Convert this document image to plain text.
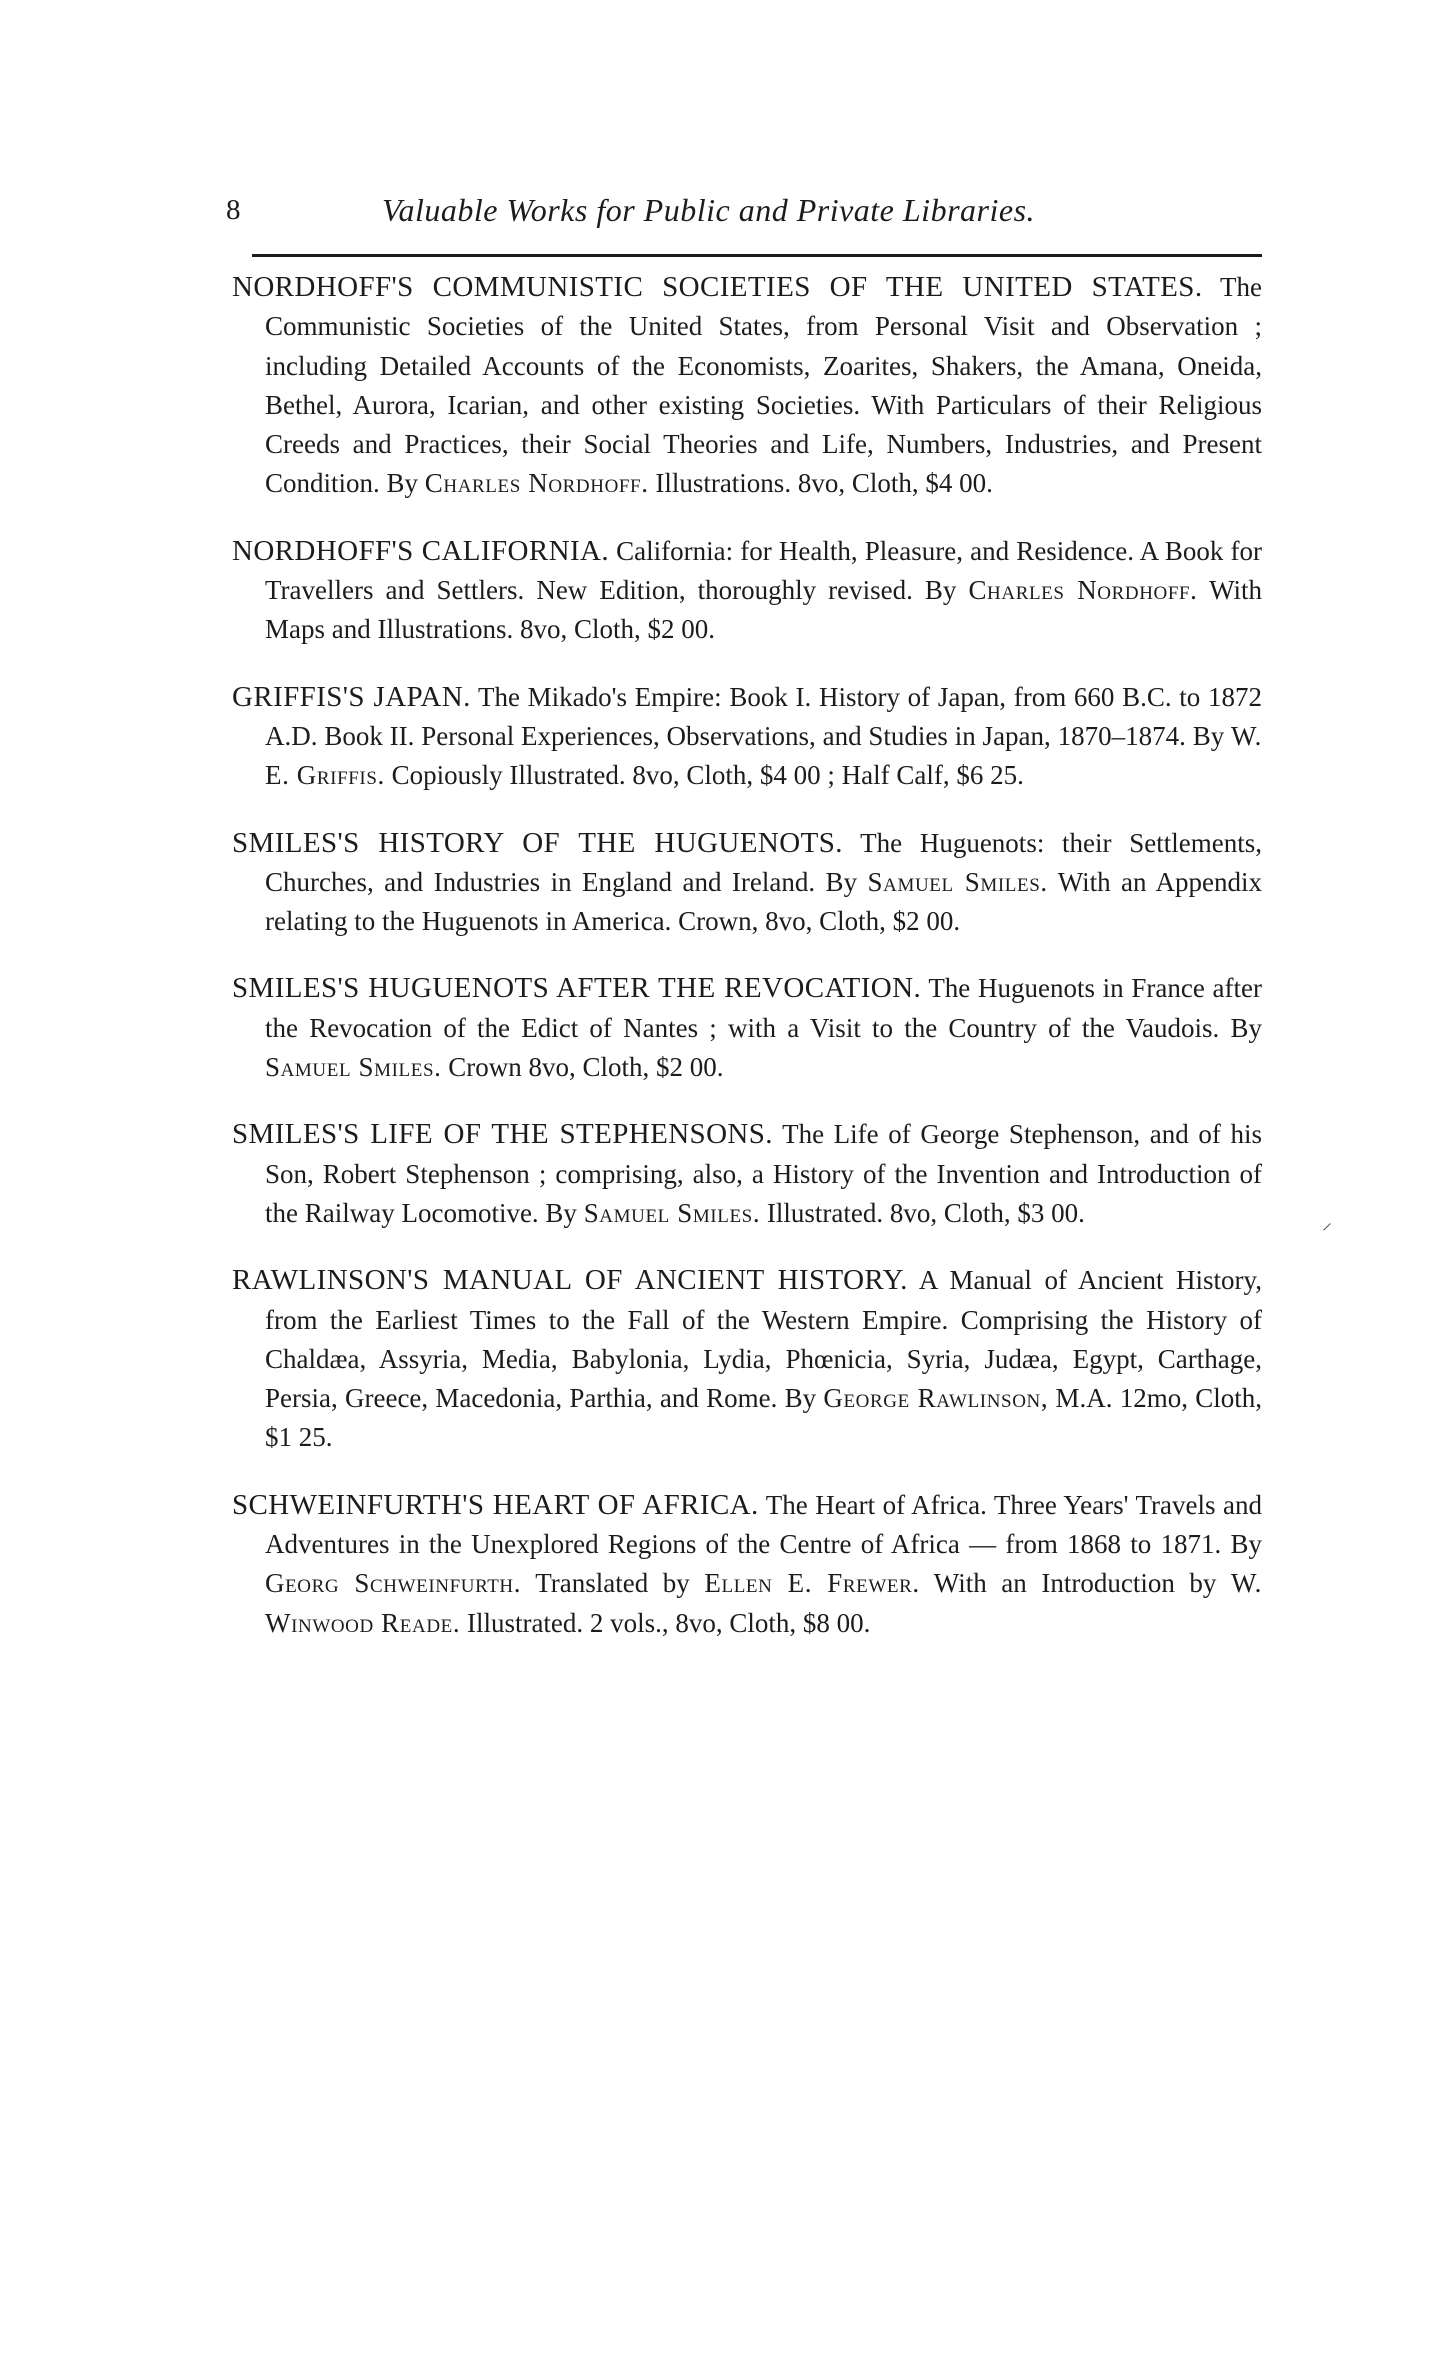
8	Valuable Works for Public and Private Libraries.

NORDHOFF'S COMMUNISTIC SOCIETIES OF THE UNITED STATES. The Communistic Societies of the United States, from Personal Visit and Observation ; including Detailed Accounts of the Economists, Zoarites, Shakers, the Amana, Oneida, Bethel, Aurora, Icarian, and other existing Societies. With Particulars of their Religious Creeds and Practices, their Social Theories and Life, Numbers, Industries, and Present Condition. By Charles Nordhoff. Illustrations. 8vo, Cloth, $4 00.

NORDHOFF'S CALIFORNIA. California: for Health, Pleasure, and Residence. A Book for Travellers and Settlers. New Edition, thoroughly revised. By Charles Nordhoff. With Maps and Illustrations. 8vo, Cloth, $2 00.

GRIFFIS'S JAPAN. The Mikado's Empire: Book I. History of Japan, from 660 B.C. to 1872 A.D. Book II. Personal Experiences, Observations, and Studies in Japan, 1870–1874. By W. E. Griffis. Copiously Illustrated. 8vo, Cloth, $4 00 ; Half Calf, $6 25.

SMILES'S HISTORY OF THE HUGUENOTS. The Huguenots: their Settlements, Churches, and Industries in England and Ireland. By Samuel Smiles. With an Appendix relating to the Huguenots in America. Crown, 8vo, Cloth, $2 00.

SMILES'S HUGUENOTS AFTER THE REVOCATION. The Huguenots in France after the Revocation of the Edict of Nantes ; with a Visit to the Country of the Vaudois. By Samuel Smiles. Crown 8vo, Cloth, $2 00.

SMILES'S LIFE OF THE STEPHENSONS. The Life of George Stephenson, and of his Son, Robert Stephenson ; comprising, also, a History of the Invention and Introduction of the Railway Locomotive. By Samuel Smiles. Illustrated. 8vo, Cloth, $3 00.

RAWLINSON'S MANUAL OF ANCIENT HISTORY. A Manual of Ancient History, from the Earliest Times to the Fall of the Western Empire. Comprising the History of Chaldæa, Assyria, Media, Babylonia, Lydia, Phœnicia, Syria, Judæa, Egypt, Carthage, Persia, Greece, Macedonia, Parthia, and Rome. By George Rawlinson, M.A. 12mo, Cloth, $1 25.

SCHWEINFURTH'S HEART OF AFRICA. The Heart of Africa. Three Years' Travels and Adventures in the Unexplored Regions of the Centre of Africa — from 1868 to 1871. By Georg Schweinfurth. Translated by Ellen E. Frewer. With an Introduction by W. Winwood Reade. Illustrated. 2 vols., 8vo, Cloth, $8 00.

⸝
